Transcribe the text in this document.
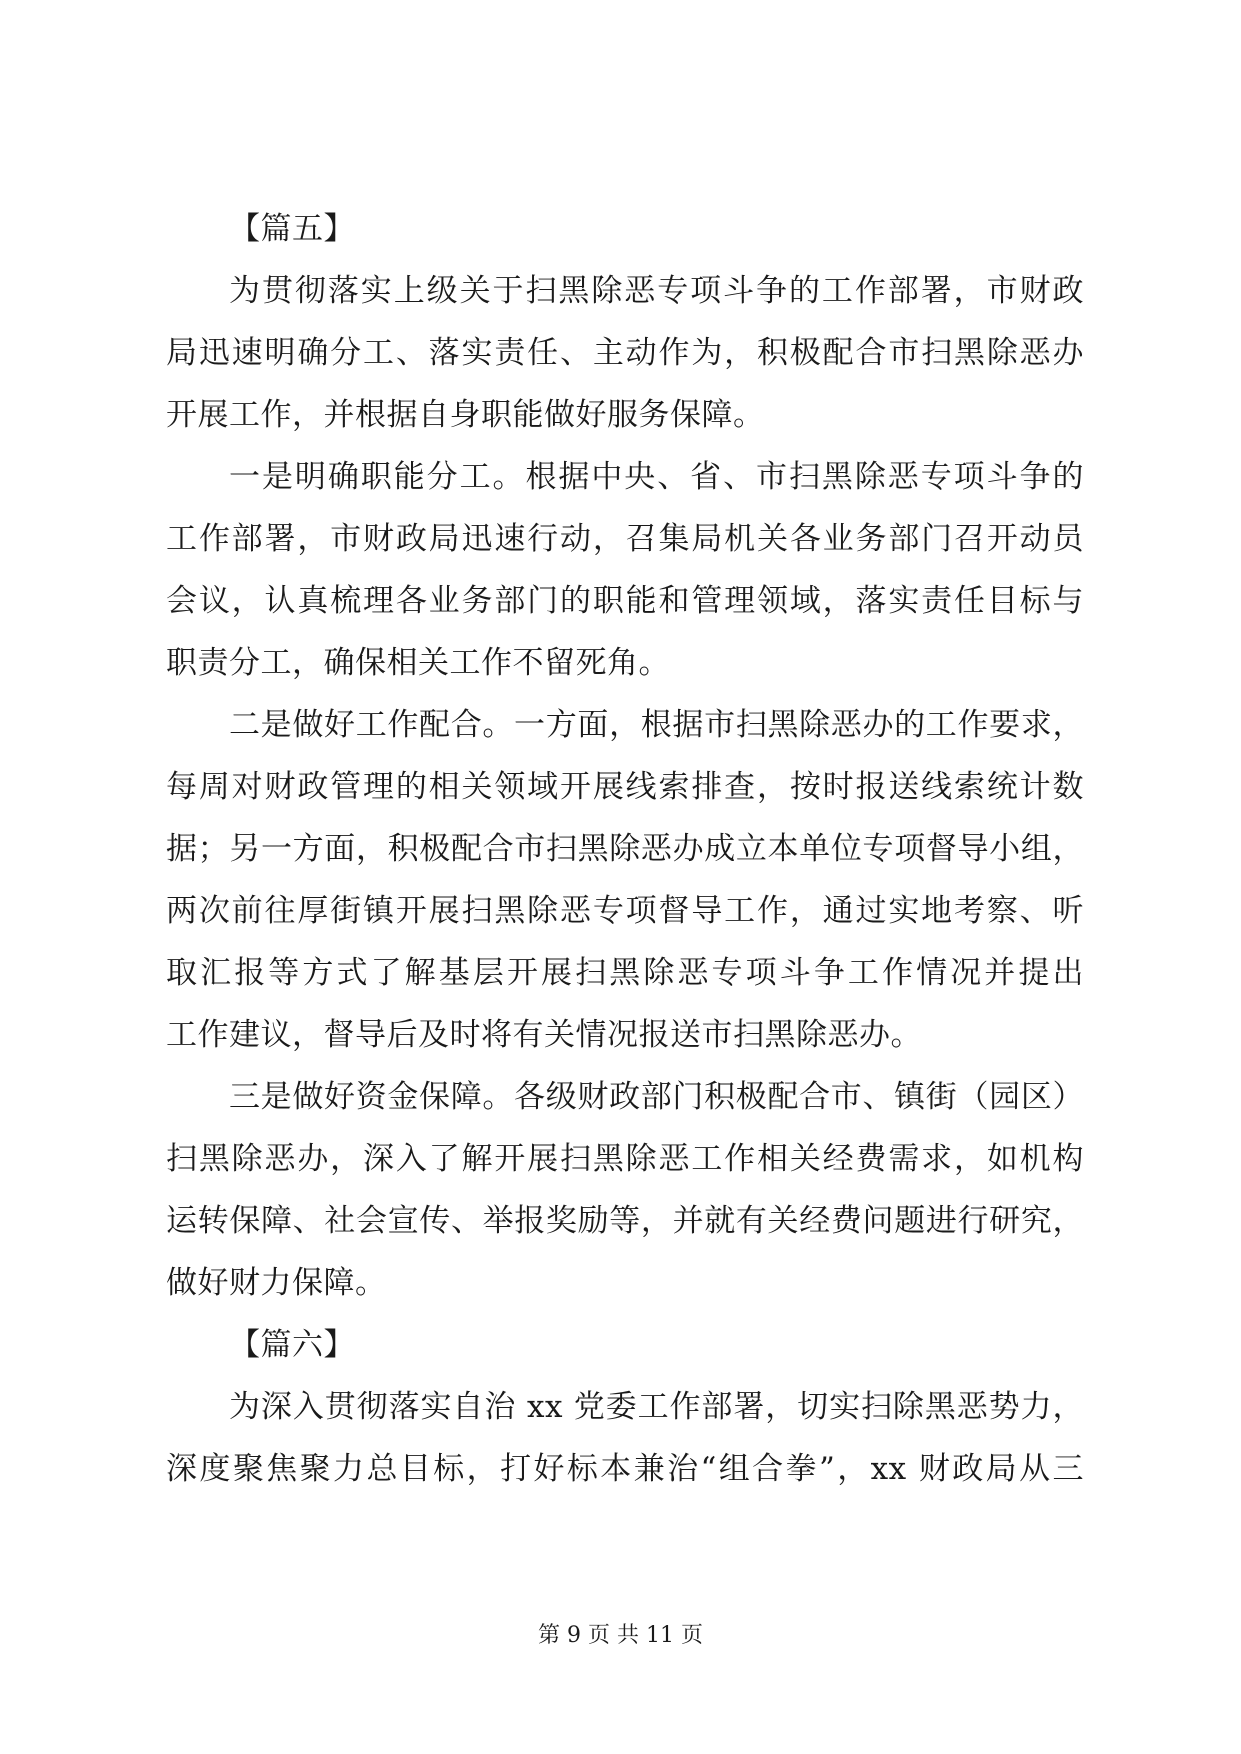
【篇五】
为贯彻落实上级关于扫黑除恶专项斗争的工作部署，市财政
局迅速明确分工、落实责任、主动作为，积极配合市扫黑除恶办
开展工作，并根据自身职能做好服务保障。
一是明确职能分工。根据中央、省、市扫黑除恶专项斗争的
工作部署，市财政局迅速行动，召集局机关各业务部门召开动员
会议，认真梳理各业务部门的职能和管理领域，落实责任目标与
职责分工，确保相关工作不留死角。
二是做好工作配合。一方面，根据市扫黑除恶办的工作要求，
每周对财政管理的相关领域开展线索排查，按时报送线索统计数
据；另一方面，积极配合市扫黑除恶办成立本单位专项督导小组，
两次前往厚街镇开展扫黑除恶专项督导工作，通过实地考察、听
取汇报等方式了解基层开展扫黑除恶专项斗争工作情况并提出
工作建议，督导后及时将有关情况报送市扫黑除恶办。
三是做好资金保障。各级财政部门积极配合市、镇街（园区）
扫黑除恶办，深入了解开展扫黑除恶工作相关经费需求，如机构
运转保障、社会宣传、举报奖励等，并就有关经费问题进行研究，
做好财力保障。
【篇六】
为深入贯彻落实自治 xx 党委工作部署，切实扫除黑恶势力，
深度聚焦聚力总目标，打好标本兼治“组合拳”，xx 财政局从三
第 9 页 共 11 页
